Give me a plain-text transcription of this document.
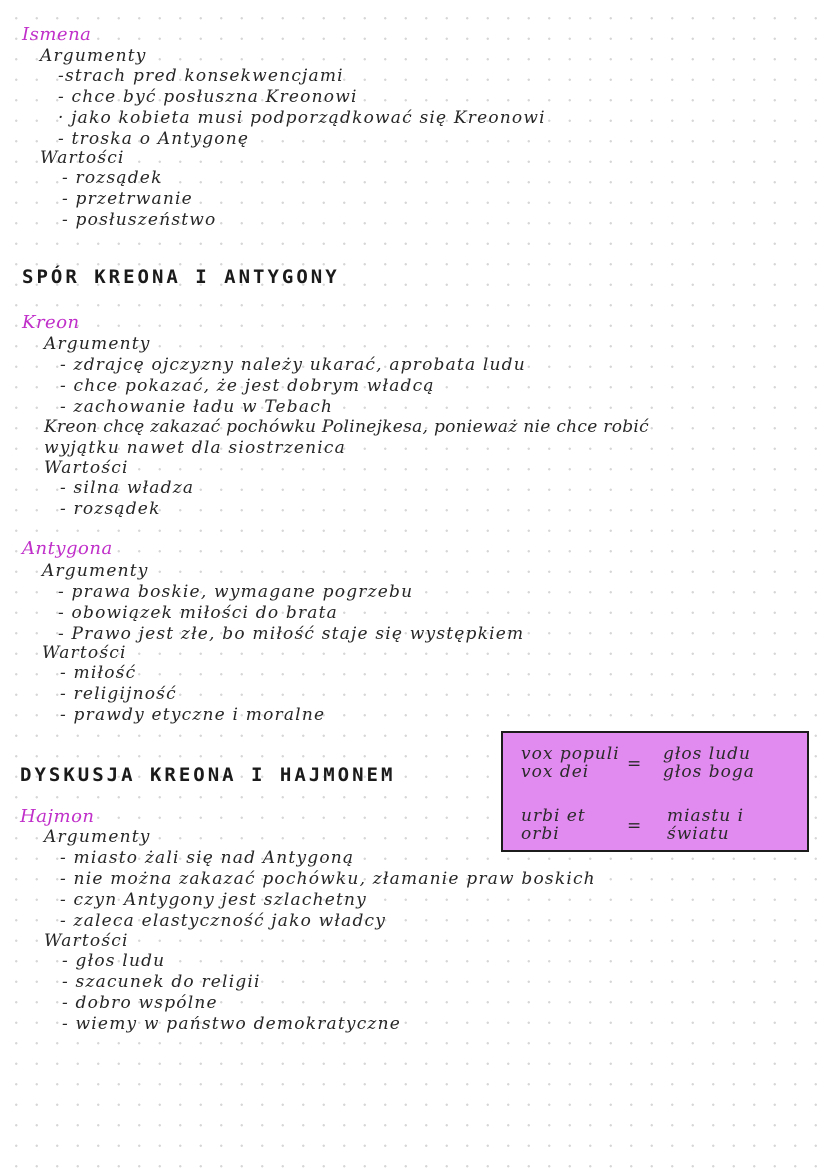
Ismena
Argumenty
-strach pred konsekwencjami
- chce być posłuszna Kreonowi
· jako kobieta musi podporządkować się Kreonowi
- troska o Antygonę
Wartości
- rozsądek
- przetrwanie
- posłuszeństwo
SPÓR KREONA I ANTYGONY
Kreon
Argumenty
- zdrajcę ojczyzny należy ukarać, aprobata ludu
- chce pokazać, że jest dobrym władcą
- zachowanie ładu w Tebach
Kreon chcę zakazać pochówku Polinejkesa, ponieważ nie chce robić
wyjątku nawet dla siostrzenica
Wartości
- silna władza
- rozsądek
Antygona
Argumenty
- prawa boskie, wymagane pogrzebu
- obowiązek miłości do brata
- Prawo jest złe, bo miłość staje się występkiem
Wartości
- miłość
- religijność
- prawdy etyczne i moralne
DYSKUSJA KREONA I HAJMONEM
vox populi
vox dei = głos ludu
głos boga
urbi et
orbi	= miastu i
światu
Hajmon
Argumenty
- miasto żali się nad Antygoną
- nie można zakazać pochówku, złamanie praw boskich
- czyn Antygony jest szlachetny
- zaleca elastyczność jako władcy
Wartości
- głos ludu
- szacunek do religii
- dobro wspólne
- wiemy w państwo demokratyczne
